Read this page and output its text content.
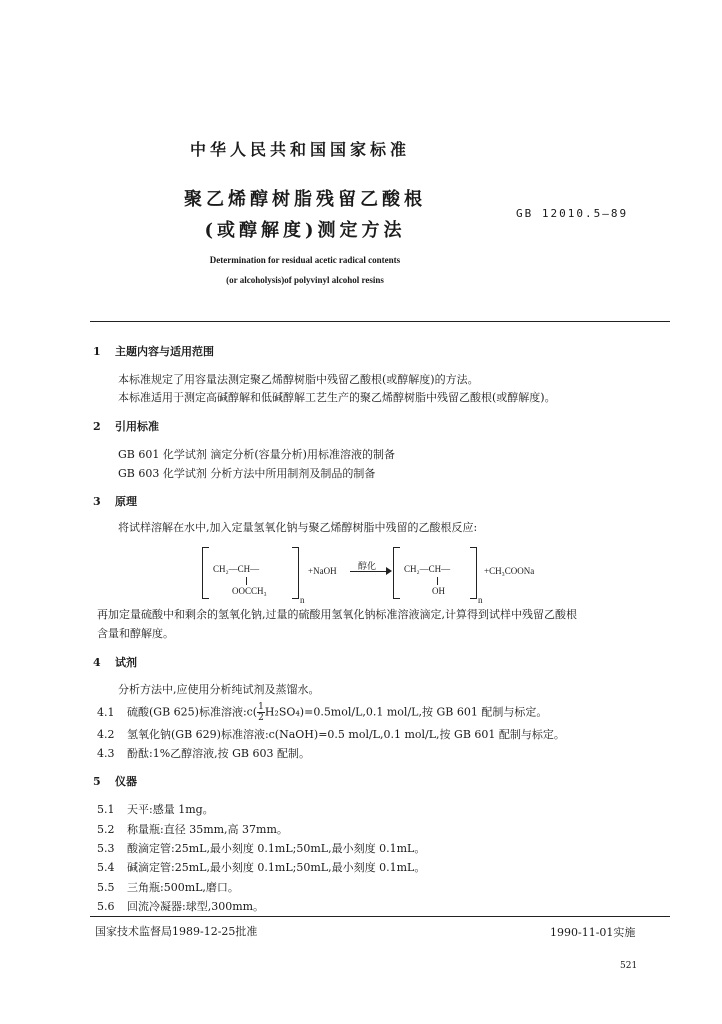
中华人民共和国国家标准
聚乙烯醇树脂残留乙酸根
(或醇解度)测定方法
GB 12010.5—89
Determination for residual acetic radical contents
(or alcoholysis)of polyvinyl alcohol resins
1 主题内容与适用范围
本标准规定了用容量法测定聚乙烯醇树脂中残留乙酸根(或醇解度)的方法。
本标准适用于测定高碱醇解和低碱醇解工艺生产的聚乙烯醇树脂中残留乙酸根(或醇解度)。
2 引用标准
GB 601 化学试剂 滴定分析(容量分析)用标准溶液的制备
GB 603 化学试剂 分析方法中所用制剂及制品的制备
3 原理
将试样溶解在水中,加入定量氢氧化钠与聚乙烯醇树脂中残留的乙酸根反应:
CH₂—CH—
OOCCH₃
n
+NaOH 醇化	CH₂—CH—
OH
n
+CH₃COONa
再加定量硫酸中和剩余的氢氧化钠,过量的硫酸用氢氧化钠标准溶液滴定,计算得到试样中残留乙酸根
含量和醇解度。
4 试剂
分析方法中,应使用分析纯试剂及蒸馏水。
4.1 硫酸(GB 625)标准溶液:c( $\frac{1}{2}H_2SO_4)=0.5mol/L,0.1$ mol/L,按 GB 601 配制与标定。
4.2 氢氧化钠(GB 629)标准溶液:c(NaOH)=0.5 mol/L,0.1 mol/L,按 GB 601 配制与标定。
4.3 酚酞:1%乙醇溶液,按 GB 603 配制。
5 仪器
5.1 天平:感量 1mg。
5.2 称量瓶:直径 35mm,高 37mm。
5.3 酸滴定管:25mL,最小刻度 0.1mL;50mL,最小刻度 0.1mL。
5.4 碱滴定管:25mL,最小刻度 0.1mL;50mL,最小刻度 0.1mL。
5.5 三角瓶:500mL,磨口。
5.6 回流冷凝器:球型,300mm。
国家技术监督局1989-12-25批准	1990-11-01实施
521
